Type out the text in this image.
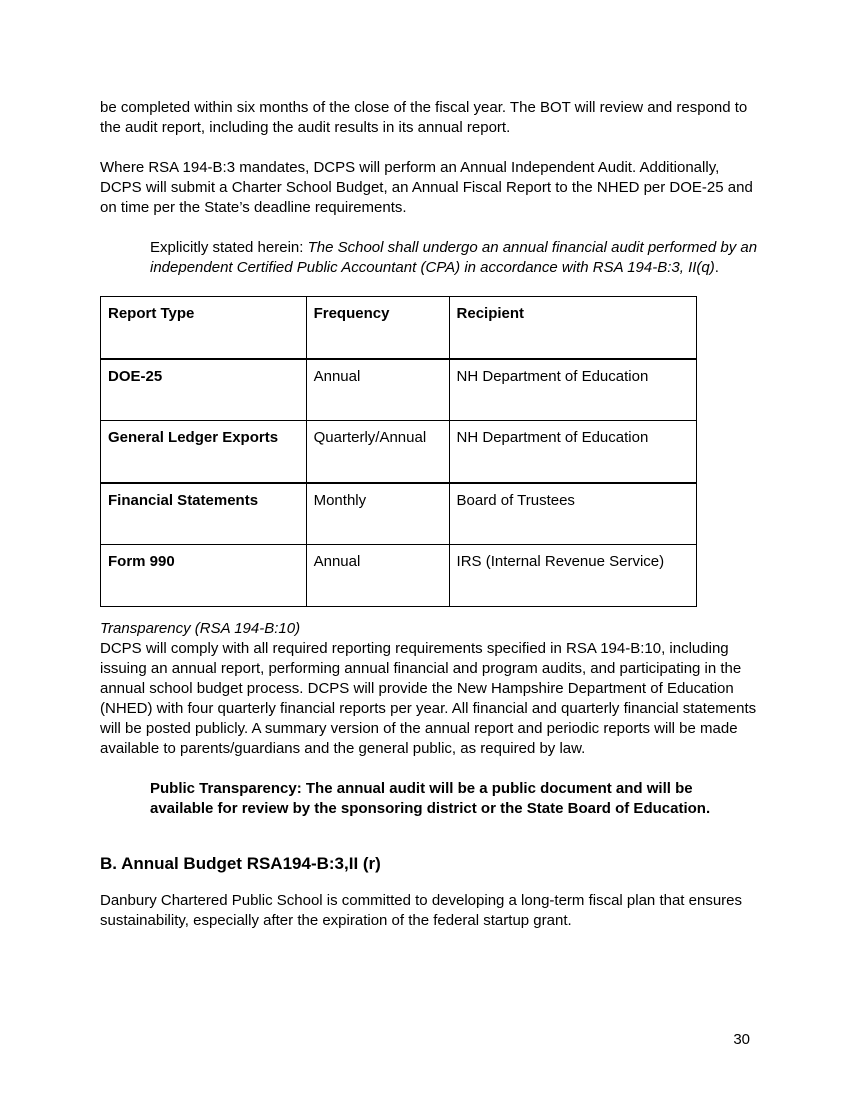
be completed within six months of the close of the fiscal year. The BOT will review and respond to the audit report, including the audit results in its annual report.

Where RSA 194-B:3 mandates, DCPS will perform an Annual Independent Audit. Additionally, DCPS will submit a Charter School Budget, an Annual Fiscal Report to the NHED per DOE-25 and on time per the State’s deadline requirements.

Explicitly stated herein: The School shall undergo an annual financial audit performed by an independent Certified Public Accountant (CPA) in accordance with RSA 194-B:3, II(q).

Report Type	Frequency	Recipient
DOE-25	Annual	NH Department of Education
General Ledger Exports	Quarterly/Annual	NH Department of Education
Financial Statements	Monthly	Board of Trustees
Form 990	Annual	IRS (Internal Revenue Service)

Transparency (RSA 194-B:10)

DCPS will comply with all required reporting requirements specified in RSA 194-B:10, including issuing an annual report, performing annual financial and program audits, and participating in the annual school budget process. DCPS will provide the New Hampshire Department of Education (NHED) with four quarterly financial reports per year. All financial and quarterly financial statements will be posted publicly. A summary version of the annual report and periodic reports will be made available to parents/guardians and the general public, as required by law.

Public Transparency: The annual audit will be a public document and will be available for review by the sponsoring district or the State Board of Education.

B. Annual Budget RSA194-B:3,II (r)

Danbury Chartered Public School is committed to developing a long-term fiscal plan that ensures sustainability, especially after the expiration of the federal startup grant.

30
